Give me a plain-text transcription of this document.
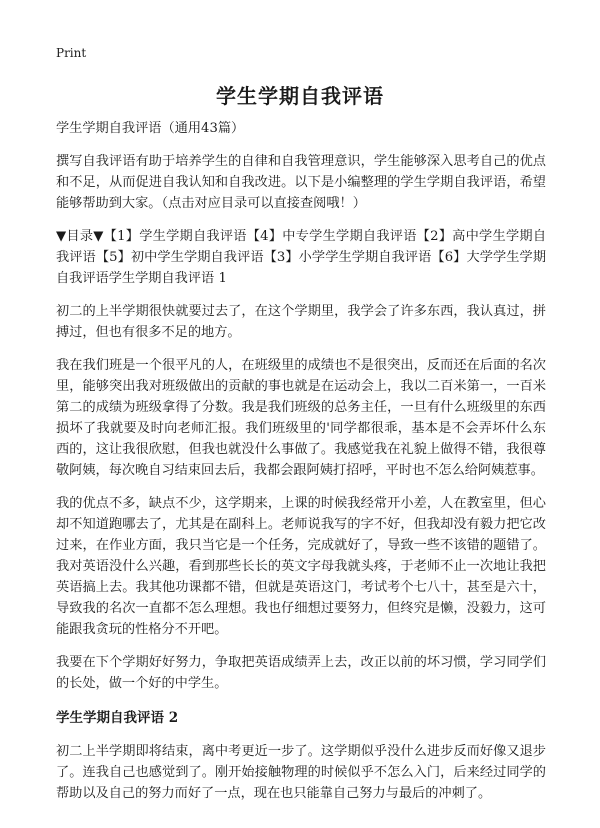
Print
学生学期自我评语

学生学期自我评语（通用43篇）

撰写自我评语有助于培养学生的自律和自我管理意识，学生能够深入思考自己的优点和不足，从而促进自我认知和自我改进。以下是小编整理的学生学期自我评语，希望能够帮助到大家。（点击对应目录可以直接查阅哦！）

▼目录▼【1】学生学期自我评语【4】中专学生学期自我评语【2】高中学生学期自我评语【5】初中学生学期自我评语【3】小学学生学期自我评语【6】大学学生学期自我评语学生学期自我评语 1

初二的上半学期很快就要过去了，在这个学期里，我学会了许多东西，我认真过，拼搏过，但也有很多不足的地方。

我在我们班是一个很平凡的人，在班级里的成绩也不是很突出，反而还在后面的名次里，能够突出我对班级做出的贡献的事也就是在运动会上，我以二百米第一，一百米第二的成绩为班级拿得了分数。我是我们班级的总务主任，一旦有什么班级里的东西损坏了我就要及时向老师汇报。我们班级里的'同学都很乖，基本是不会弄坏什么东西的，这让我很欣慰，但我也就没什么事做了。我感觉我在礼貌上做得不错，我很尊敬阿姨，每次晚自习结束回去后，我都会跟阿姨打招呼，平时也不怎么给阿姨惹事。

我的优点不多，缺点不少，这学期来，上课的时候我经常开小差，人在教室里，但心却不知道跑哪去了，尤其是在副科上。老师说我写的字不好，但我却没有毅力把它改过来，在作业方面，我只当它是一个任务，完成就好了，导致一些不该错的题错了。我对英语没什么兴趣，看到那些长长的英文字母我就头疼，于老师不止一次地让我把英语搞上去。我其他功课都不错，但就是英语这门，考试考个七八十，甚至是六十，导致我的名次一直都不怎么理想。我也仔细想过要努力，但终究是懒，没毅力，这可能跟我贪玩的性格分不开吧。

我要在下个学期好好努力，争取把英语成绩弄上去，改正以前的坏习惯，学习同学们的长处，做一个好的中学生。

学生学期自我评语 2

初二上半学期即将结束，离中考更近一步了。这学期似乎没什么进步反而好像又退步了。连我自己也感觉到了。刚开始接触物理的时候似乎不怎么入门，后来经过同学的帮助以及自己的努力而好了一点，现在也只能靠自己努力与最后的冲刺了。
